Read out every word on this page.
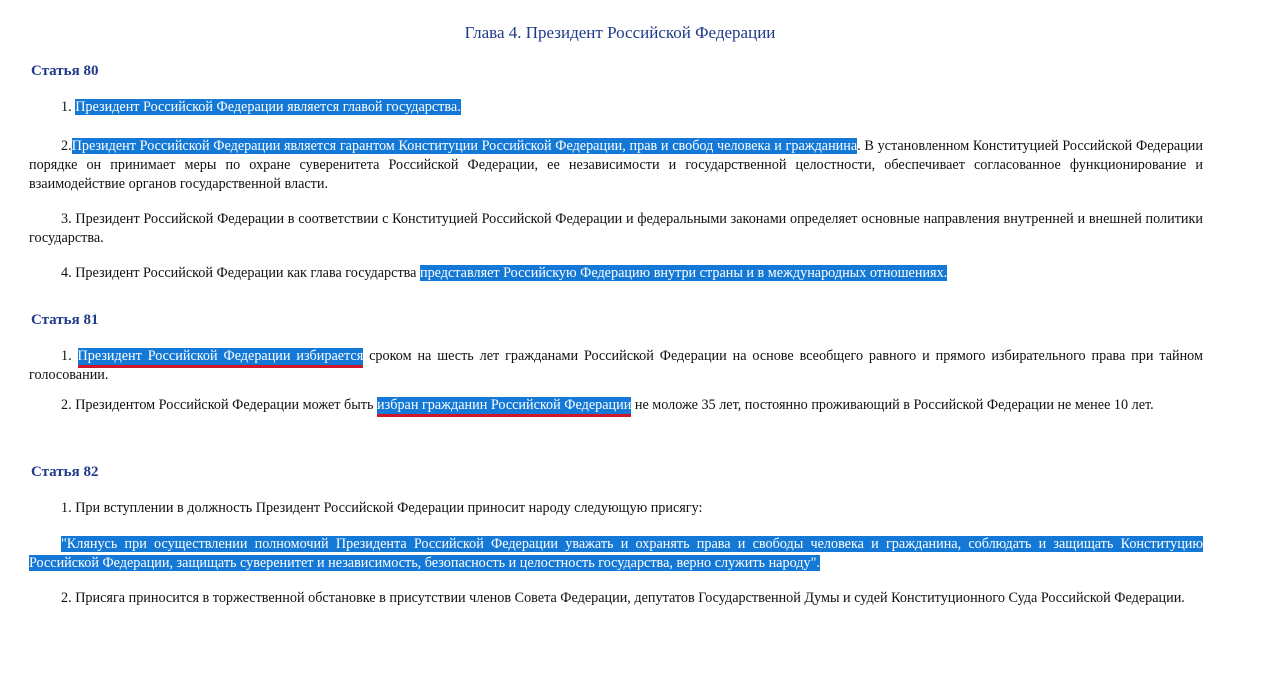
Глава 4. Президент Российской Федерации
Статья 80
1. Президент Российской Федерации является главой государства.
2.Президент Российской Федерации является гарантом Конституции Российской Федерации, прав и свобод человека и гражданина. В установленном Конституцией Российской Федерации порядке он принимает меры по охране суверенитета Российской Федерации, ее независимости и государственной целостности, обеспечивает согласованное функционирование и взаимодействие органов государственной власти.
3. Президент Российской Федерации в соответствии с Конституцией Российской Федерации и федеральными законами определяет основные направления внутренней и внешней политики государства.
4. Президент Российской Федерации как глава государства представляет Российскую Федерацию внутри страны и в международных отношениях.
Статья 81
1. Президент Российской Федерации избирается сроком на шесть лет гражданами Российской Федерации на основе всеобщего равного и прямого избирательного права при тайном голосовании.
2. Президентом Российской Федерации может быть избран гражданин Российской Федерации не моложе 35 лет, постоянно проживающий в Российской Федерации не менее 10 лет.
Статья 82
1. При вступлении в должность Президент Российской Федерации приносит народу следующую присягу:
"Клянусь при осуществлении полномочий Президента Российской Федерации уважать и охранять права и свободы человека и гражданина, соблюдать и защищать Конституцию Российской Федерации, защищать суверенитет и независимость, безопасность и целостность государства, верно служить народу".
2. Присяга приносится в торжественной обстановке в присутствии членов Совета Федерации, депутатов Государственной Думы и судей Конституционного Суда Российской Федерации.
